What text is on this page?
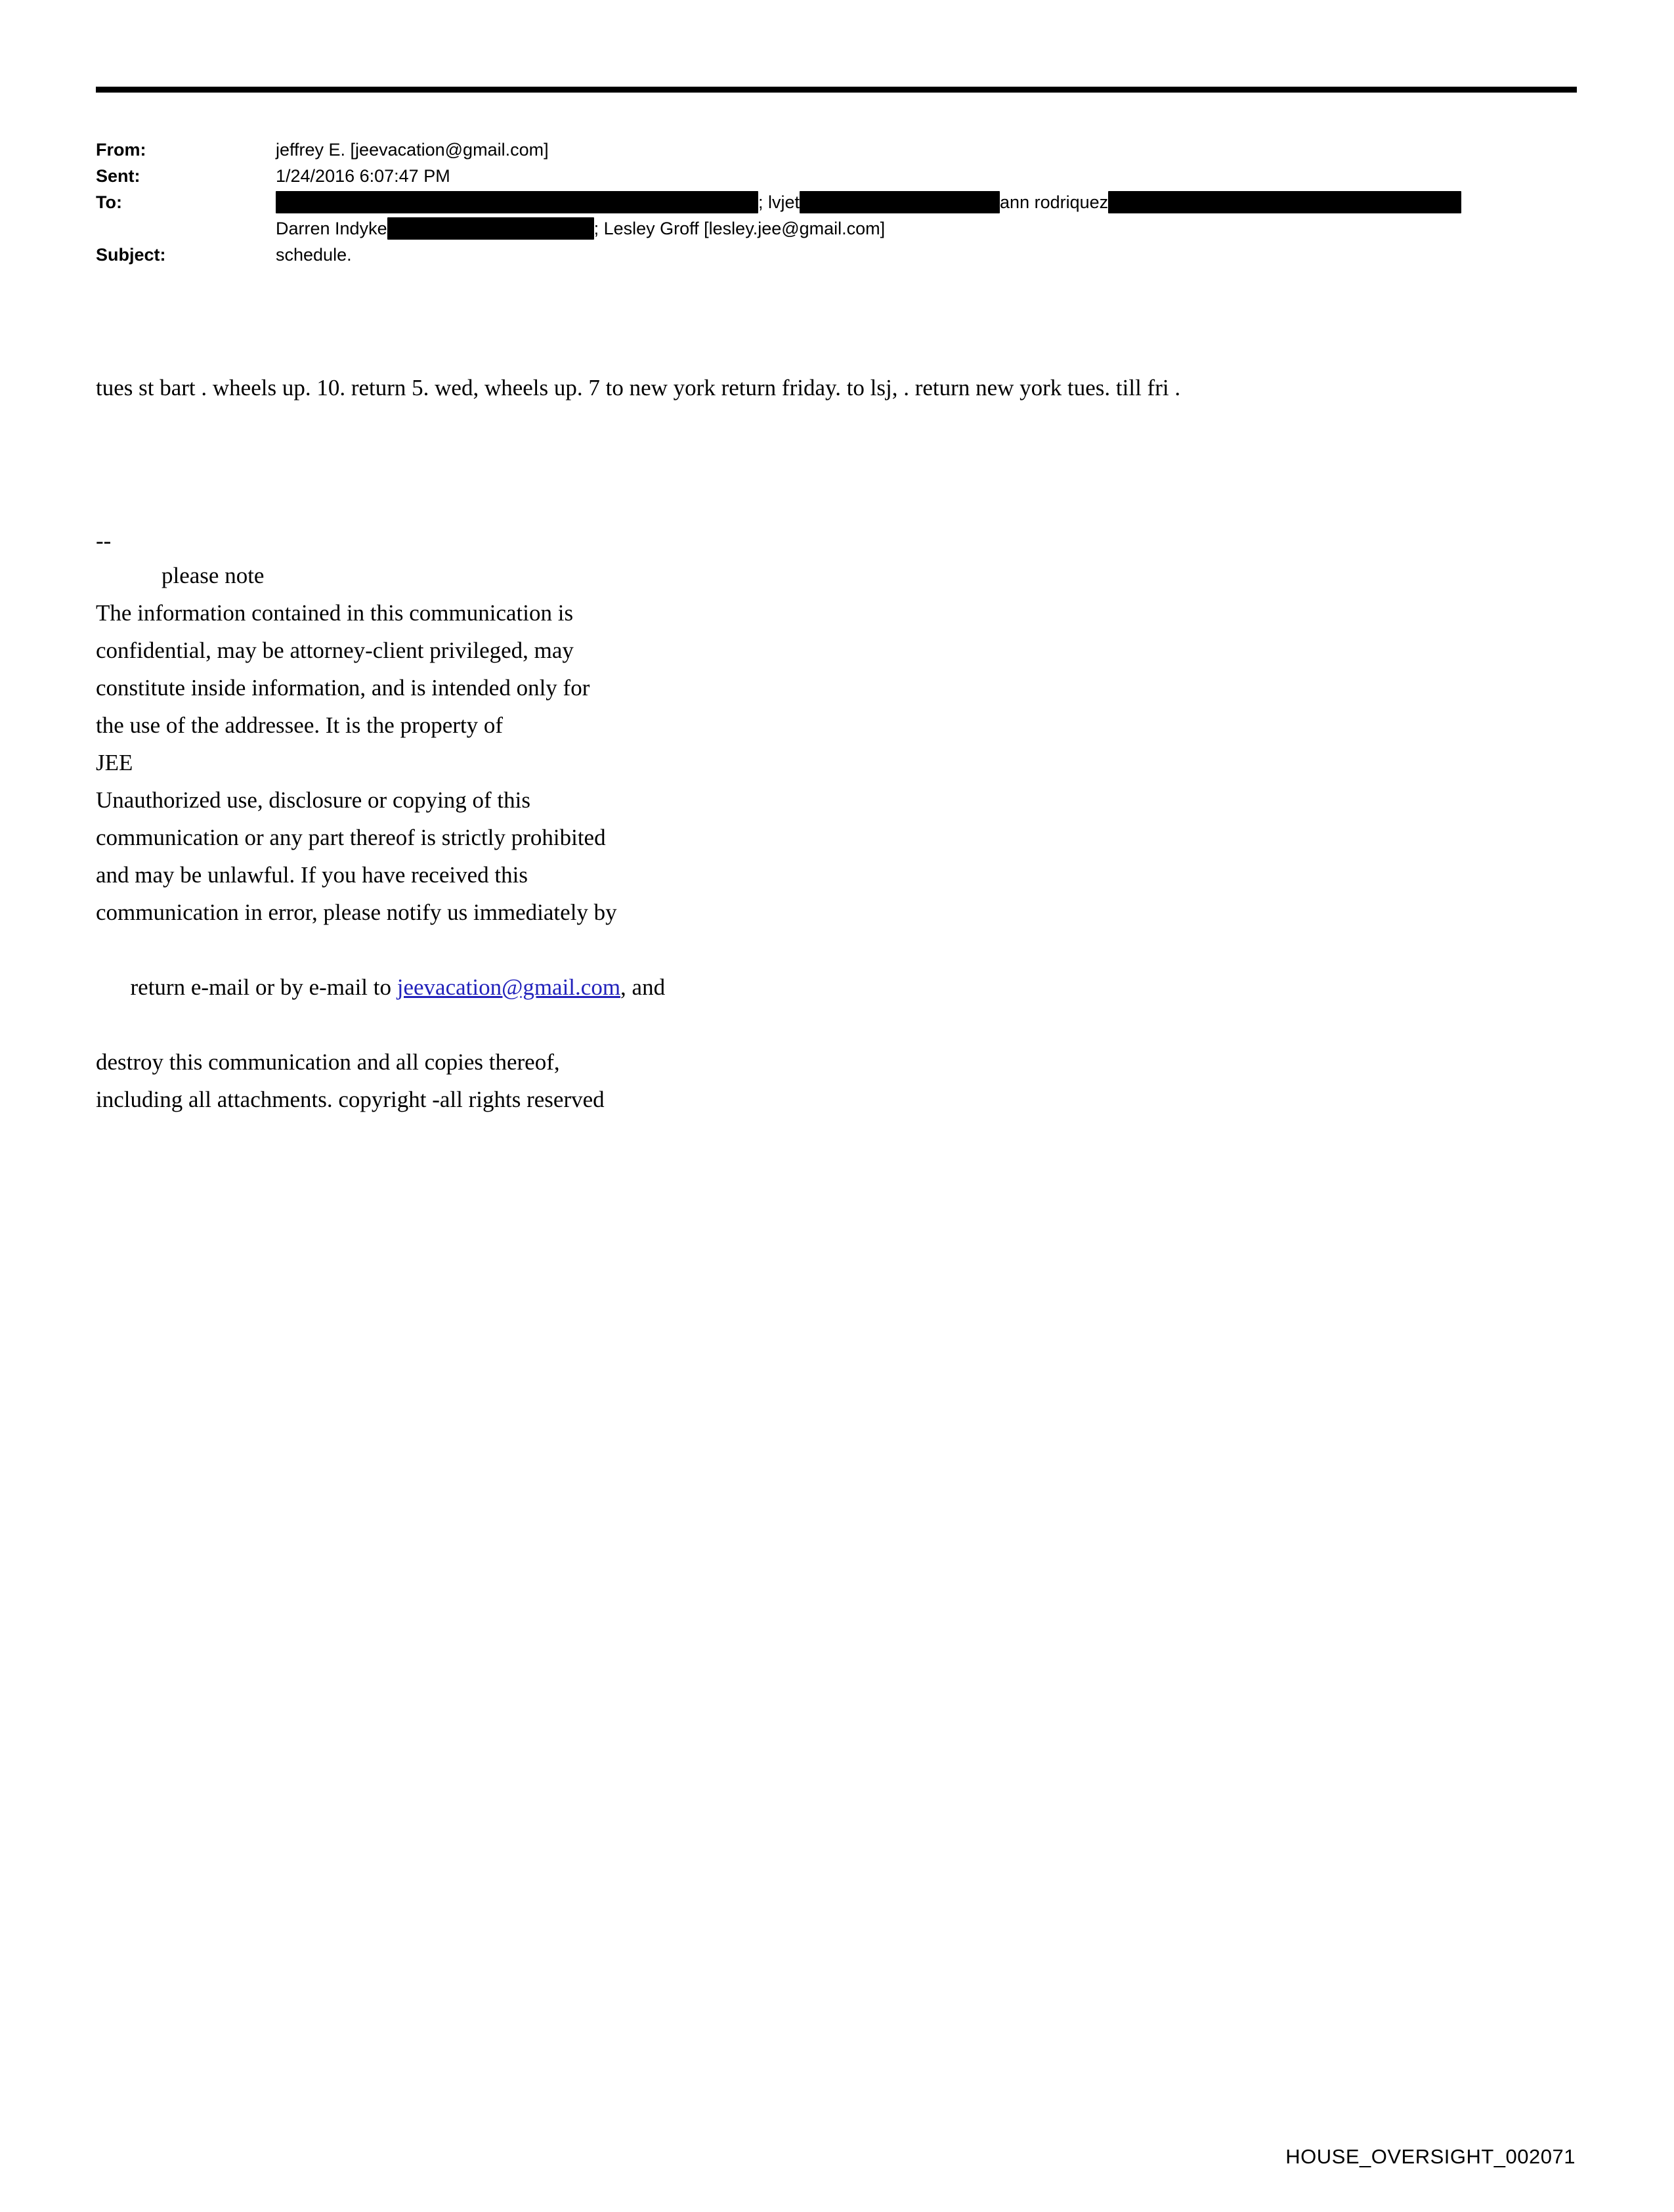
From:	jeffrey E. [jeevacation@gmail.com]
Sent:	1/24/2016 6:07:47 PM
To:	; lvjet	ann rodriquez

Darren Indyke	; Lesley Groff [lesley.jee@gmail.com]
Subject:	schedule.
tues st bart . wheels up. 10. return 5. wed, wheels up. 7 to new york return friday. to lsj, . return new york tues. till fri .
--
please note
The information contained in this communication is
confidential, may be attorney-client privileged, may
constitute inside information, and is intended only for
the use of the addressee. It is the property of
JEE
Unauthorized use, disclosure or copying of this
communication or any part thereof is strictly prohibited
and may be unlawful. If you have received this
communication in error, please notify us immediately by

return e-mail or by e-mail to jeevacation@gmail.com, and

destroy this communication and all copies thereof,
including all attachments. copyright -all rights reserved
HOUSE_OVERSIGHT_002071
